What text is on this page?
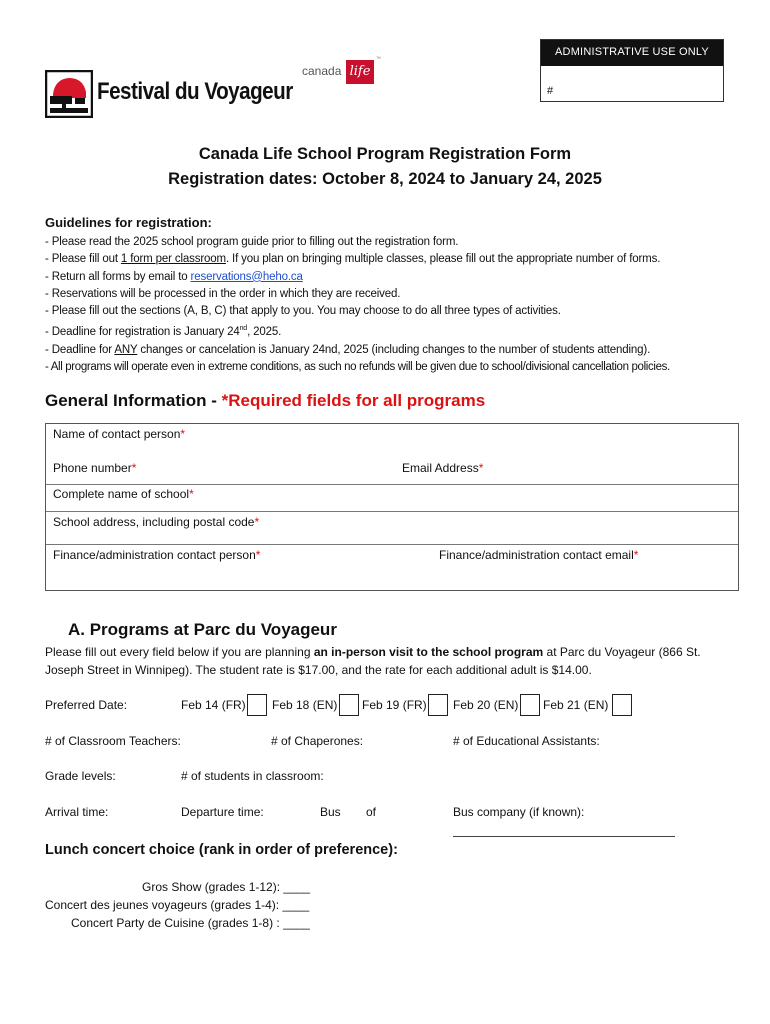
ADMINISTRATIVE USE ONLY
#
Festival du Voyageur
canada life
™
Canada Life School Program Registration Form
Registration dates: October 8, 2024 to January 24, 2025
Guidelines for registration:
- Please read the 2025 school program guide prior to filling out the registration form.
- Please fill out 1 form per classroom. If you plan on bringing multiple classes, please fill out the appropriate number of forms.
- Return all forms by email to reservations@heho.ca
- Reservations will be processed in the order in which they are received.
- Please fill out the sections (A, B, C) that apply to you. You may choose to do all three types of activities.
- Deadline for registration is January 24nd, 2025.
- Deadline for ANY changes or cancelation is January 24nd, 2025 (including changes to the number of students attending).
- All programs will operate even in extreme conditions, as such no refunds will be given due to school/divisional cancellation policies.
General Information - *Required fields for all programs
Name of contact person*
Phone number*	Email Address*
Complete name of school*
School address, including postal code*
Finance/administration contact person*	Finance/administration contact email*
A. Programs at Parc du Voyageur
Please fill out every field below if you are planning an in-person visit to the school program at Parc du Voyageur (866 St.
Joseph Street in Winnipeg). The student rate is $17.00, and the rate for each additional adult is $14.00.
Preferred Date:	Feb 14 (FR) Feb 18 (EN) Feb 19 (FR) Feb 20 (EN) Feb 21 (EN)
# of Classroom Teachers:	# of Chaperones:	# of Educational Assistants:
Grade levels:	# of students in classroom:
Arrival time:	Departure time:	Bus of	Bus company (if known):
Lunch concert choice (rank in order of preference):
Gros Show (grades 1-12): ____
Concert des jeunes voyageurs (grades 1-4): ____
Concert Party de Cuisine (grades 1-8) : ____
